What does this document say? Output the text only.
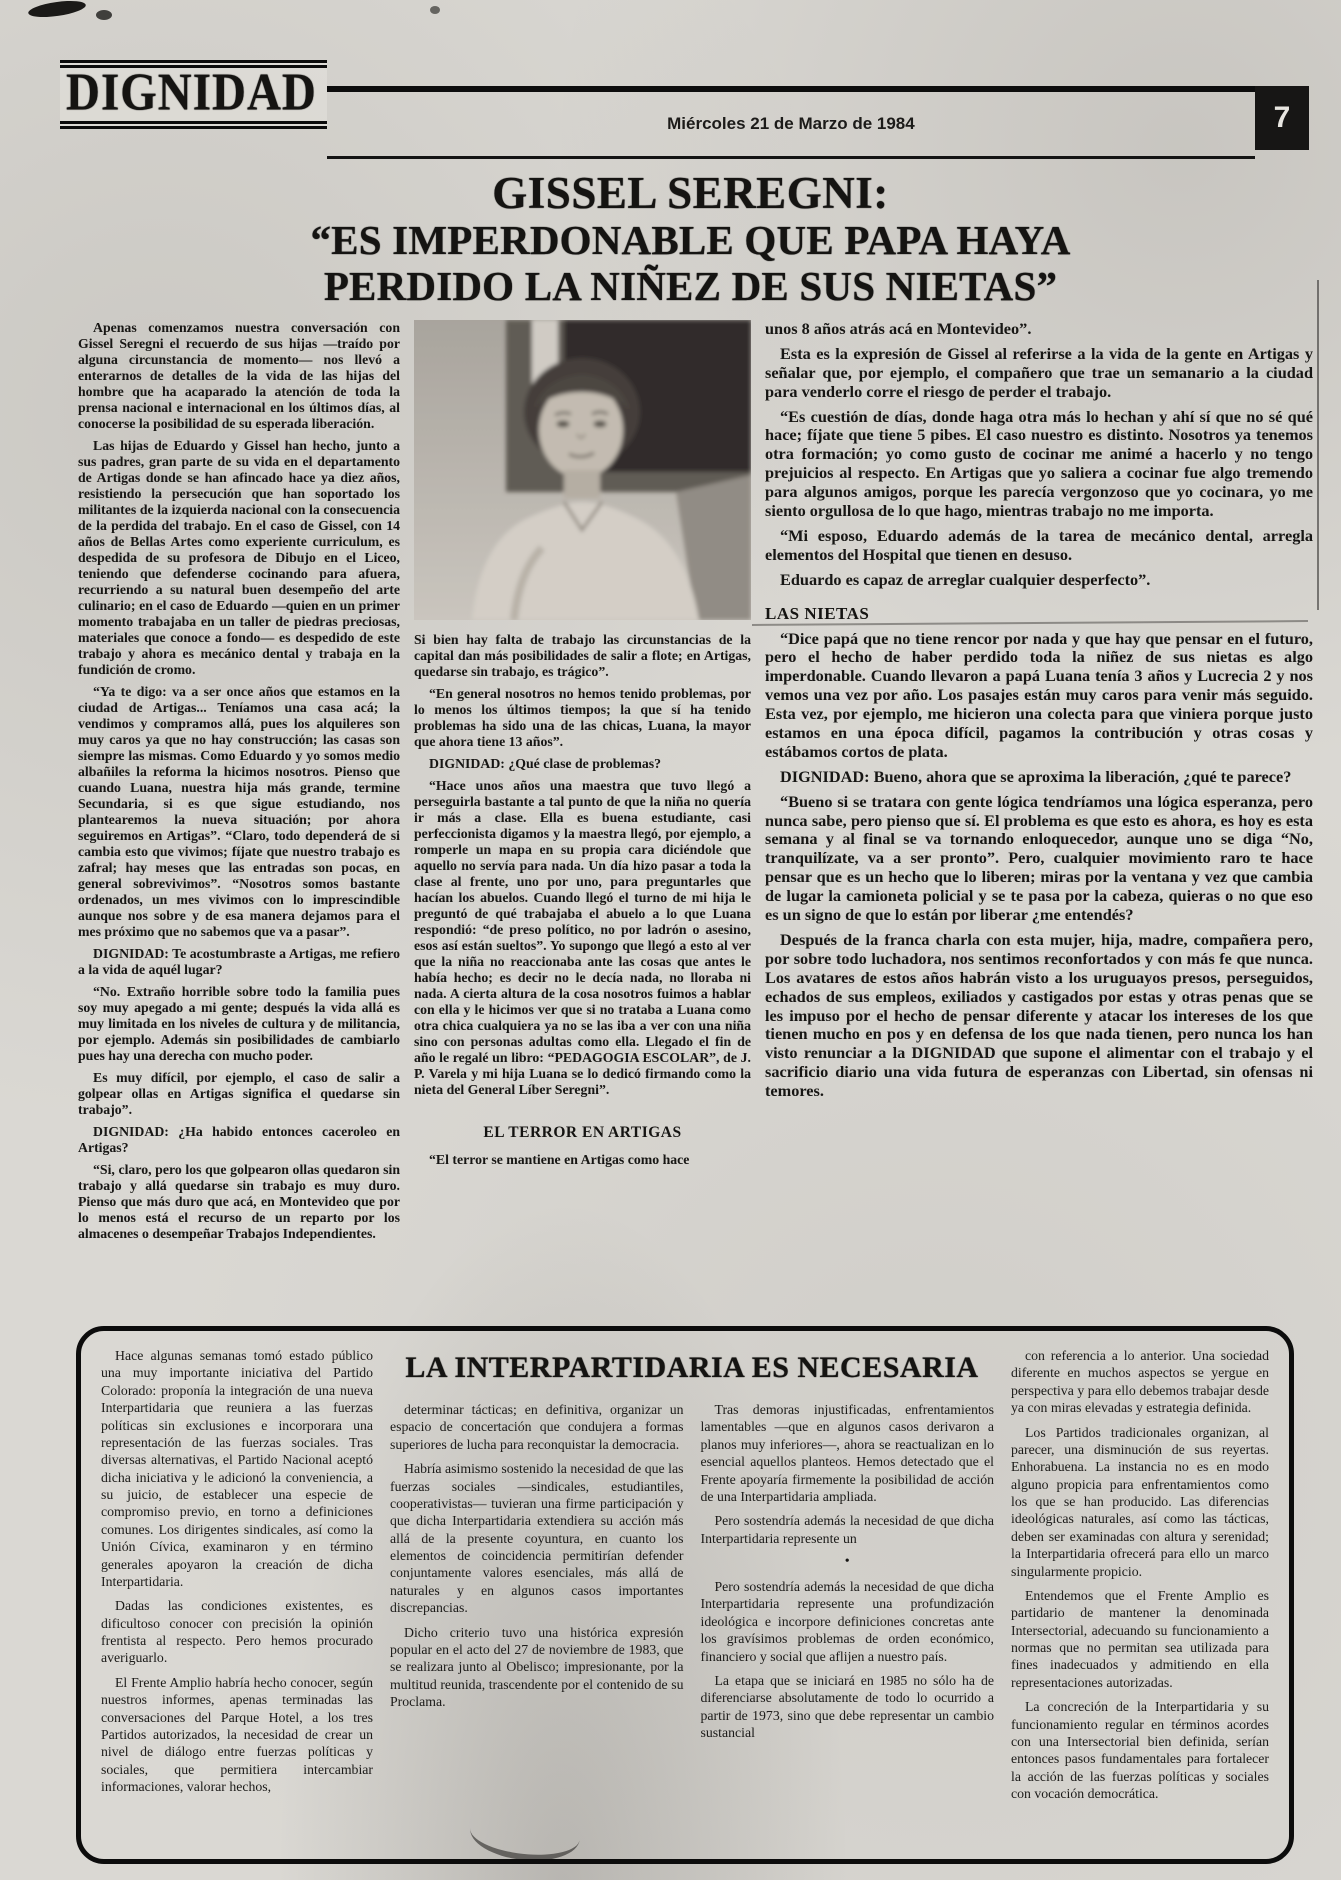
DIGNIDAD
Miércoles 21 de Marzo de 1984	7
GISSEL SEREGNI:
“ES IMPERDONABLE QUE PAPA HAYA
PERDIDO LA NIÑEZ DE SUS NIETAS”

Apenas comenzamos nuestra conversación con Gissel Seregni el recuerdo de sus hijas —traído por alguna circunstancia de momento— nos llevó a enterarnos de detalles de la vida de las hijas del hombre que ha acaparado la atención de toda la prensa nacional e internacional en los últimos días, al conocerse la posibilidad de su esperada liberación.

Las hijas de Eduardo y Gissel han hecho, junto a sus padres, gran parte de su vida en el departamento de Artigas donde se han afincado hace ya diez años, resistiendo la persecución que han soportado los militantes de la izquierda nacional con la consecuencia de la perdida del trabajo. En el caso de Gissel, con 14 años de Bellas Artes como experiente curriculum, es despedida de su profesora de Dibujo en el Liceo, teniendo que defenderse cocinando para afuera, recurriendo a su natural buen desempeño del arte culinario; en el caso de Eduardo —quien en un primer momento trabajaba en un taller de piedras preciosas, materiales que conoce a fondo— es despedido de este trabajo y ahora es mecánico dental y trabaja en la fundición de cromo.

“Ya te digo: va a ser once años que estamos en la ciudad de Artigas... Teníamos una casa acá; la vendimos y compramos allá, pues los alquileres son muy caros ya que no hay construcción; las casas son siempre las mismas. Como Eduardo y yo somos medio albañiles la reforma la hicimos nosotros. Pienso que cuando Luana, nuestra hija más grande, termine Secundaria, si es que sigue estudiando, nos plantearemos la nueva situación; por ahora seguiremos en Artigas”. “Claro, todo dependerá de si cambia esto que vivimos; fíjate que nuestro trabajo es zafral; hay meses que las entradas son pocas, en general sobrevivimos”. “Nosotros somos bastante ordenados, un mes vivimos con lo imprescindible aunque nos sobre y de esa manera dejamos para el mes próximo que no sabemos que va a pasar”.

DIGNIDAD: Te acostumbraste a Artigas, me refiero a la vida de aquél lugar?

“No. Extraño horrible sobre todo la familia pues soy muy apegado a mi gente; después la vida allá es muy limitada en los niveles de cultura y de militancia, por ejemplo. Además sin posibilidades de cambiarlo pues hay una derecha con mucho poder.

Es muy difícil, por ejemplo, el caso de salir a golpear ollas en Artigas significa el quedarse sin trabajo”.

DIGNIDAD: ¿Ha habido entonces caceroleo en Artigas?

“Si, claro, pero los que golpearon ollas quedaron sin trabajo y allá quedarse sin trabajo es muy duro. Pienso que más duro que acá, en Montevideo que por lo menos está el recurso de un reparto por los almacenes o desempeñar Trabajos Independientes.

Si bien hay falta de trabajo las circunstancias de la capital dan más posibilidades de salir a flote; en Artigas, quedarse sin trabajo, es trágico”.

“En general nosotros no hemos tenido problemas, por lo menos los últimos tiempos; la que sí ha tenido problemas ha sido una de las chicas, Luana, la mayor que ahora tiene 13 años”.

DIGNIDAD: ¿Qué clase de problemas?

“Hace unos años una maestra que tuvo llegó a perseguirla bastante a tal punto de que la niña no quería ir más a clase. Ella es buena estudiante, casi perfeccionista digamos y la maestra llegó, por ejemplo, a romperle un mapa en su propia cara diciéndole que aquello no servía para nada. Un día hizo pasar a toda la clase al frente, uno por uno, para preguntarles que hacían los abuelos. Cuando llegó el turno de mi hija le preguntó de qué trabajaba el abuelo a lo que Luana respondió: “de preso político, no por ladrón o asesino, esos así están sueltos”. Yo supongo que llegó a esto al ver que la niña no reaccionaba ante las cosas que antes le había hecho; es decir no le decía nada, no lloraba ni nada. A cierta altura de la cosa nosotros fuimos a hablar con ella y le hicimos ver que si no trataba a Luana como otra chica cualquiera ya no se las iba a ver con una niña sino con personas adultas como ella. Llegado el fin de año le regalé un libro: “PEDAGOGIA ESCOLAR”, de J. P. Varela y mi hija Luana se lo dedicó firmando como la nieta del General Líber Seregni”.

EL TERROR EN ARTIGAS

“El terror se mantiene en Artigas como hace

unos 8 años atrás acá en Montevideo”.

Esta es la expresión de Gissel al referirse a la vida de la gente en Artigas y señalar que, por ejemplo, el compañero que trae un semanario a la ciudad para venderlo corre el riesgo de perder el trabajo.

“Es cuestión de días, donde haga otra más lo hechan y ahí sí que no sé qué hace; fíjate que tiene 5 pibes. El caso nuestro es distinto. Nosotros ya tenemos otra formación; yo como gusto de cocinar me animé a hacerlo y no tengo prejuicios al respecto. En Artigas que yo saliera a cocinar fue algo tremendo para algunos amigos, porque les parecía vergonzoso que yo cocinara, yo me siento orgullosa de lo que hago, mientras trabajo no me importa.

“Mi esposo, Eduardo además de la tarea de mecánico dental, arregla elementos del Hospital que tienen en desuso.

Eduardo es capaz de arreglar cualquier desperfecto”.

LAS NIETAS

“Dice papá que no tiene rencor por nada y que hay que pensar en el futuro, pero el hecho de haber perdido toda la niñez de sus nietas es algo imperdonable. Cuando llevaron a papá Luana tenía 3 años y Lucrecia 2 y nos vemos una vez por año. Los pasajes están muy caros para venir más seguido. Esta vez, por ejemplo, me hicieron una colecta para que viniera porque justo estamos en una época difícil, pagamos la contribución y otras cosas y estábamos cortos de plata.

DIGNIDAD: Bueno, ahora que se aproxima la liberación, ¿qué te parece?

“Bueno si se tratara con gente lógica tendríamos una lógica esperanza, pero nunca sabe, pero pienso que sí. El problema es que esto es ahora, es hoy es esta semana y al final se va tornando enloquecedor, aunque uno se diga “No, tranquilízate, va a ser pronto”. Pero, cualquier movimiento raro te hace pensar que es un hecho que lo liberen; miras por la ventana y vez que cambia de lugar la camioneta policial y se te pasa por la cabeza, quieras o no que eso es un signo de que lo están por liberar ¿me entendés?

Después de la franca charla con esta mujer, hija, madre, compañera pero, por sobre todo luchadora, nos sentimos reconfortados y con más fe que nunca. Los avatares de estos años habrán visto a los uruguayos presos, perseguidos, echados de sus empleos, exiliados y castigados por estas y otras penas que se les impuso por el hecho de pensar diferente y atacar los intereses de los que tienen mucho en pos y en defensa de los que nada tienen, pero nunca los han visto renunciar a la DIGNIDAD que supone el alimentar con el trabajo y el sacrificio diario una vida futura de esperanzas con Libertad, sin ofensas ni temores.

Hace algunas semanas tomó estado público una muy importante iniciativa del Partido Colorado: proponía la integración de una nueva Interpartidaria que reuniera a las fuerzas políticas sin exclusiones e incorporara una representación de las fuerzas sociales. Tras diversas alternativas, el Partido Nacional aceptó dicha iniciativa y le adicionó la conveniencia, a su juicio, de establecer una especie de compromiso previo, en torno a definiciones comunes. Los dirigentes sindicales, así como la Unión Cívica, examinaron y en término generales apoyaron la creación de dicha Interpartidaria.

Dadas las condiciones existentes, es dificultoso conocer con precisión la opinión frentista al respecto. Pero hemos procurado averiguarlo.

El Frente Amplio habría hecho conocer, según nuestros informes, apenas terminadas las conversaciones del Parque Hotel, a los tres Partidos autorizados, la necesidad de crear un nivel de diálogo entre fuerzas políticas y sociales, que permitiera intercambiar informaciones, valorar hechos,

LA INTERPARTIDARIA ES NECESARIA

determinar tácticas; en definitiva, organizar un espacio de concertación que condujera a formas superiores de lucha para reconquistar la democracia.

Habría asimismo sostenido la necesidad de que las fuerzas sociales —sindicales, estudiantiles, cooperativistas— tuvieran una firme participación y que dicha Interpartidaria extendiera su acción más allá de la presente coyuntura, en cuanto los elementos de coincidencia permitirían defender conjuntamente valores esenciales, más allá de naturales y en algunos casos importantes discrepancias.

Dicho criterio tuvo una histórica expresión popular en el acto del 27 de noviembre de 1983, que se realizara junto al Obelisco; impresionante, por la multitud reunida, trascendente por el contenido de su Proclama.

Tras demoras injustificadas, enfrentamientos lamentables —que en algunos casos derivaron a planos muy inferiores—, ahora se reactualizan en lo esencial aquellos planteos. Hemos detectado que el Frente apoyaría firmemente la posibilidad de acción de una Interpartidaria ampliada.

Pero sostendría además la necesidad de que dicha Interpartidaria represente un

•

Pero sostendría además la necesidad de que dicha Interpartidaria represente una profundización ideológica e incorpore definiciones concretas ante los gravísimos problemas de orden económico, financiero y social que aflijen a nuestro país.

La etapa que se iniciará en 1985 no sólo ha de diferenciarse absolutamente de todo lo ocurrido a partir de 1973, sino que debe representar un cambio sustancial

con referencia a lo anterior. Una sociedad diferente en muchos aspectos se yergue en perspectiva y para ello debemos trabajar desde ya con miras elevadas y estrategia definida.

Los Partidos tradicionales organizan, al parecer, una disminución de sus reyertas. Enhorabuena. La instancia no es en modo alguno propicia para enfrentamientos como los que se han producido. Las diferencias ideológicas naturales, así como las tácticas, deben ser examinadas con altura y serenidad; la Interpartidaria ofrecerá para ello un marco singularmente propicio.

Entendemos que el Frente Amplio es partidario de mantener la denominada Intersectorial, adecuando su funcionamiento a normas que no permitan sea utilizada para fines inadecuados y admitiendo en ella representaciones autorizadas.

La concreción de la Interpartidaria y su funcionamiento regular en términos acordes con una Intersectorial bien definida, serían entonces pasos fundamentales para fortalecer la acción de las fuerzas políticas y sociales con vocación democrática.
